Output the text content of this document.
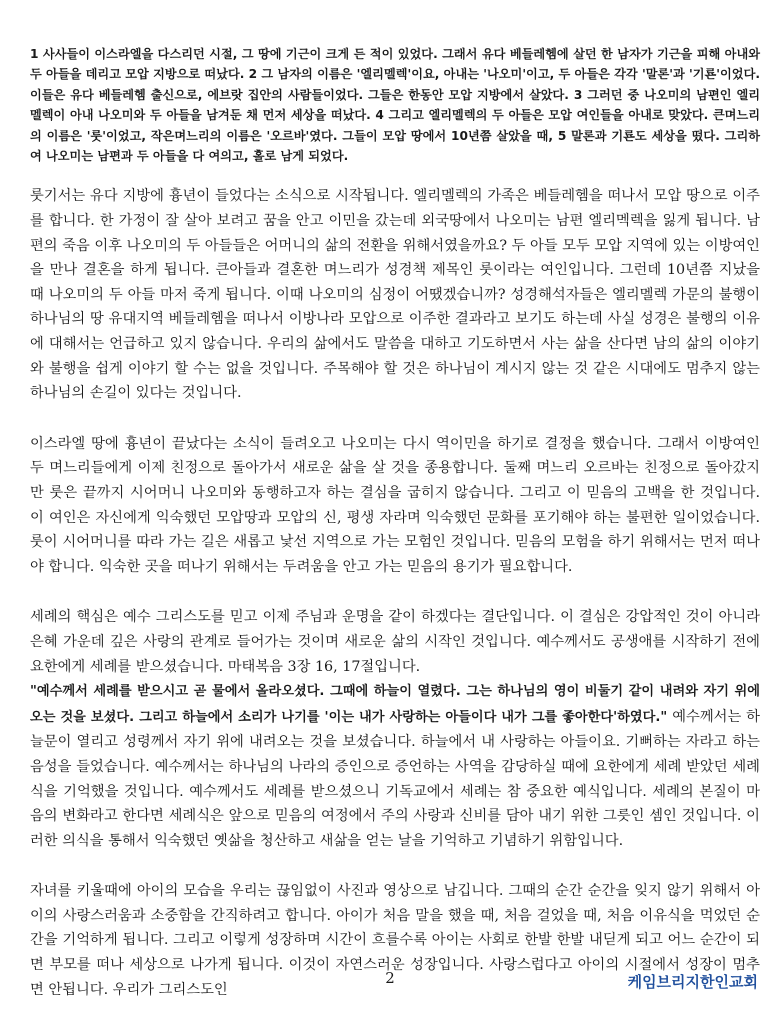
1 사사들이 이스라엘을 다스리던 시절, 그 땅에 기근이 크게 든 적이 있었다. 그래서 유다 베들레헴에 살던 한 남자가 기근을 피해 아내와 두 아들을 데리고 모압 지방으로 떠났다. 2 그 남자의 이름은 '엘리멜렉'이요, 아내는 '나오미'이고, 두 아들은 각각 '말론'과 '기룐'이었다. 이들은 유다 베들레헴 출신으로, 에브랏 집안의 사람들이었다. 그들은 한동안 모압 지방에서 살았다. 3 그러던 중 나오미의 남편인 엘리멜렉이 아내 나오미와 두 아들을 남겨둔 채 먼저 세상을 떠났다. 4 그리고 엘리멜렉의 두 아들은 모압 여인들을 아내로 맞았다. 큰며느리의 이름은 '룻'이었고, 작은며느리의 이름은 '오르바'였다. 그들이 모압 땅에서 10년쯤 살았을 때, 5 말론과 기룐도 세상을 떴다. 그리하여 나오미는 남편과 두 아들을 다 여의고, 홀로 남게 되었다.

룻기서는 유다 지방에 흉년이 들었다는 소식으로 시작됩니다. 엘리멜렉의 가족은 베들레헴을 떠나서 모압 땅으로 이주를 합니다. 한 가정이 잘 살아 보려고 꿈을 안고 이민을 갔는데 외국땅에서 나오미는 남편 엘리멕렉을 잃게 됩니다. 남편의 죽음 이후 나오미의 두 아들들은 어머니의 삶의 전환을 위해서였을까요? 두 아들 모두 모압 지역에 있는 이방여인을 만나 결혼을 하게 됩니다. 큰아들과 결혼한 며느리가 성경책 제목인 룻이라는 여인입니다. 그런데 10년쯤 지났을 때 나오미의 두 아들 마저 죽게 됩니다. 이때 나오미의 심정이 어땠겠습니까? 성경해석자들은 엘리멜렉 가문의 불행이 하나님의 땅 유대지역 베들레헴을 떠나서 이방나라 모압으로 이주한 결과라고 보기도 하는데 사실 성경은 불행의 이유에 대해서는 언급하고 있지 않습니다. 우리의 삶에서도 말씀을 대하고 기도하면서 사는 삶을 산다면 남의 삶의 이야기와 불행을 쉽게 이야기 할 수는 없을 것입니다. 주목해야 할 것은 하나님이 계시지 않는 것 같은 시대에도 멈추지 않는 하나님의 손길이 있다는 것입니다.

이스라엘 땅에 흉년이 끝났다는 소식이 들려오고 나오미는 다시 역이민을 하기로 결정을 했습니다. 그래서 이방여인 두 며느리들에게 이제 친정으로 돌아가서 새로운 삶을 살 것을 종용합니다. 둘째 며느리 오르바는 친정으로 돌아갔지만 룻은 끝까지 시어머니 나오미와 동행하고자 하는 결심을 굽히지 않습니다. 그리고 이 믿음의 고백을 한 것입니다. 이 여인은 자신에게 익숙했던 모압땅과 모압의 신, 평생 자라며 익숙했던 문화를 포기해야 하는 불편한 일이었습니다. 룻이 시어머니를 따라 가는 길은 새롭고 낯선 지역으로 가는 모험인 것입니다. 믿음의 모험을 하기 위해서는 먼저 떠나야 합니다. 익숙한 곳을 떠나기 위해서는 두려움을 안고 가는 믿음의 용기가 필요합니다.

세례의 핵심은 예수 그리스도를 믿고 이제 주님과 운명을 같이 하겠다는 결단입니다. 이 결심은 강압적인 것이 아니라 은혜 가운데 깊은 사랑의 관계로 들어가는 것이며 새로운 삶의 시작인 것입니다. 예수께서도 공생애를 시작하기 전에 요한에게 세례를 받으셨습니다. 마태복음 3장 16, 17절입니다.
"예수께서 세례를 받으시고 곧 물에서 올라오셨다. 그때에 하늘이 열렸다. 그는 하나님의 영이 비둘기 같이 내려와 자기 위에 오는 것을 보셨다. 그리고 하늘에서 소리가 나기를 '이는 내가 사랑하는 아들이다 내가 그를 좋아한다'하였다." 예수께서는 하늘문이 열리고 성령께서 자기 위에 내려오는 것을 보셨습니다. 하늘에서 내 사랑하는 아들이요. 기뻐하는 자라고 하는 음성을 들었습니다. 예수께서는 하나님의 나라의 증인으로 증언하는 사역을 감당하실 때에 요한에게 세례 받았던 세례식을 기억했을 것입니다. 예수께서도 세례를 받으셨으니 기독교에서 세례는 참 중요한 예식입니다. 세례의 본질이 마음의 변화라고 한다면 세례식은 앞으로 믿음의 여정에서 주의 사랑과 신비를 담아 내기 위한 그릇인 셈인 것입니다. 이러한 의식을 통해서 익숙했던 옛삶을 청산하고 새삶을 얻는 날을 기억하고 기념하기 위함입니다.

자녀를 키울때에 아이의 모습을 우리는 끊임없이 사진과 영상으로 남깁니다. 그때의 순간 순간을 잊지 않기 위해서 아이의 사랑스러움과 소중함을 간직하려고 합니다. 아이가 처음 말을 했을 때, 처음 걸었을 때, 처음 이유식을 먹었던 순간을 기억하게 됩니다. 그리고 이렇게 성장하며 시간이 흐를수록 아이는 사회로 한발 한발 내딛게 되고 어느 순간이 되면 부모를 떠나 세상으로 나가게 됩니다. 이것이 자연스러운 성장입니다. 사랑스럽다고 아이의 시절에서 성장이 멈추면 안됩니다. 우리가 그리스도인

2	케임브리지한인교회
